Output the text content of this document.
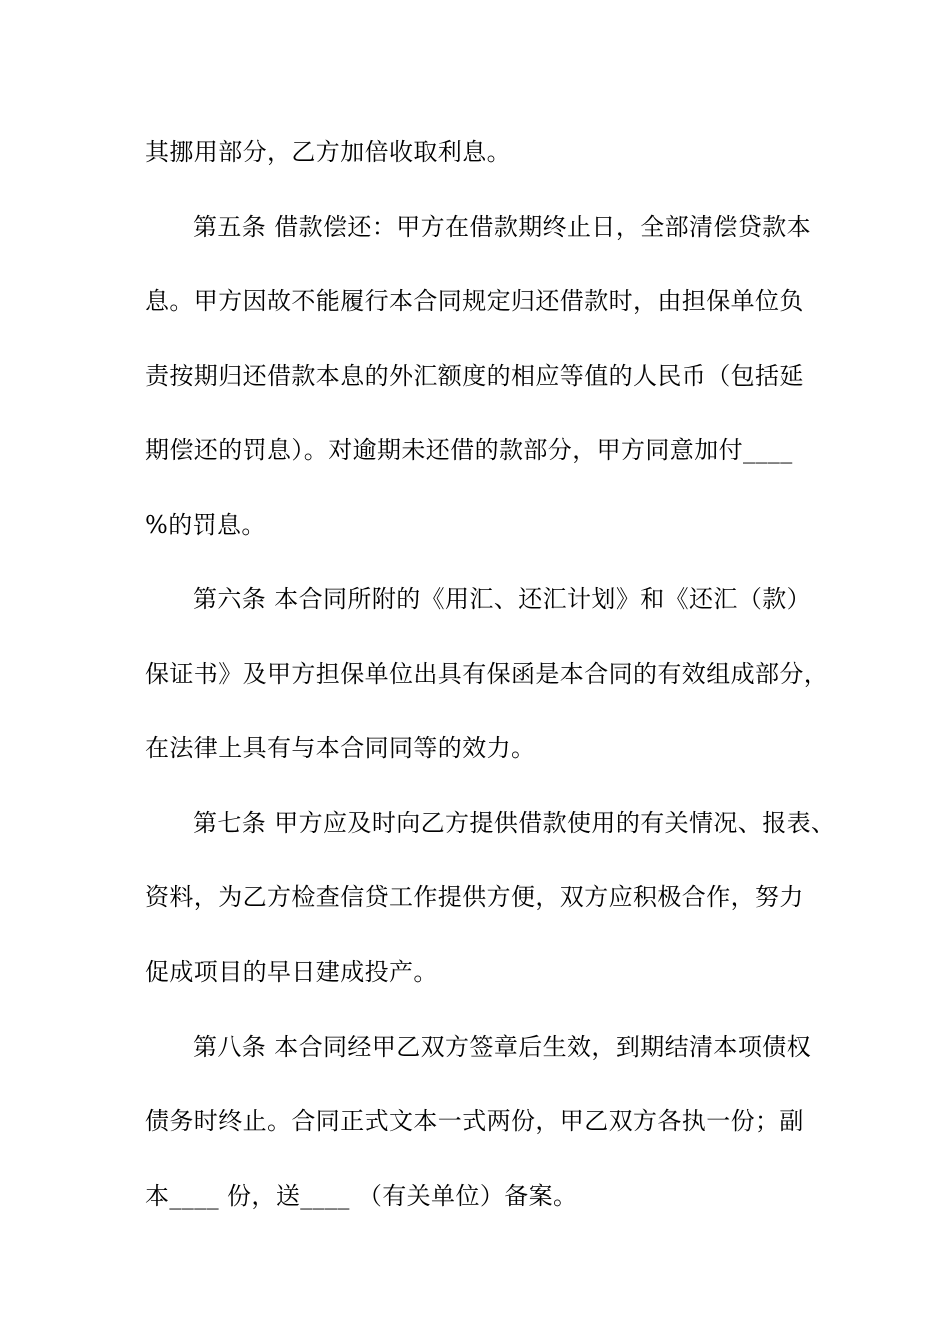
其挪用部分，乙方加倍收取利息。
第五条 借款偿还：甲方在借款期终止日，全部清偿贷款本
息。甲方因故不能履行本合同规定归还借款时，由担保单位负
责按期归还借款本息的外汇额度的相应等值的人民币（包括延
期偿还的罚息）。对逾期未还借的款部分，甲方同意加付____
%的罚息。
第六条 本合同所附的《用汇、还汇计划》和《还汇（款）
保证书》及甲方担保单位出具有保函是本合同的有效组成部分，
在法律上具有与本合同同等的效力。
第七条 甲方应及时向乙方提供借款使用的有关情况、报表、
资料，为乙方检查信贷工作提供方便，双方应积极合作，努力
促成项目的早日建成投产。
第八条 本合同经甲乙双方签章后生效，到期结清本项债权
债务时终止。合同正式文本一式两份，甲乙双方各执一份；副
本____ 份，送____ （有关单位）备案。
